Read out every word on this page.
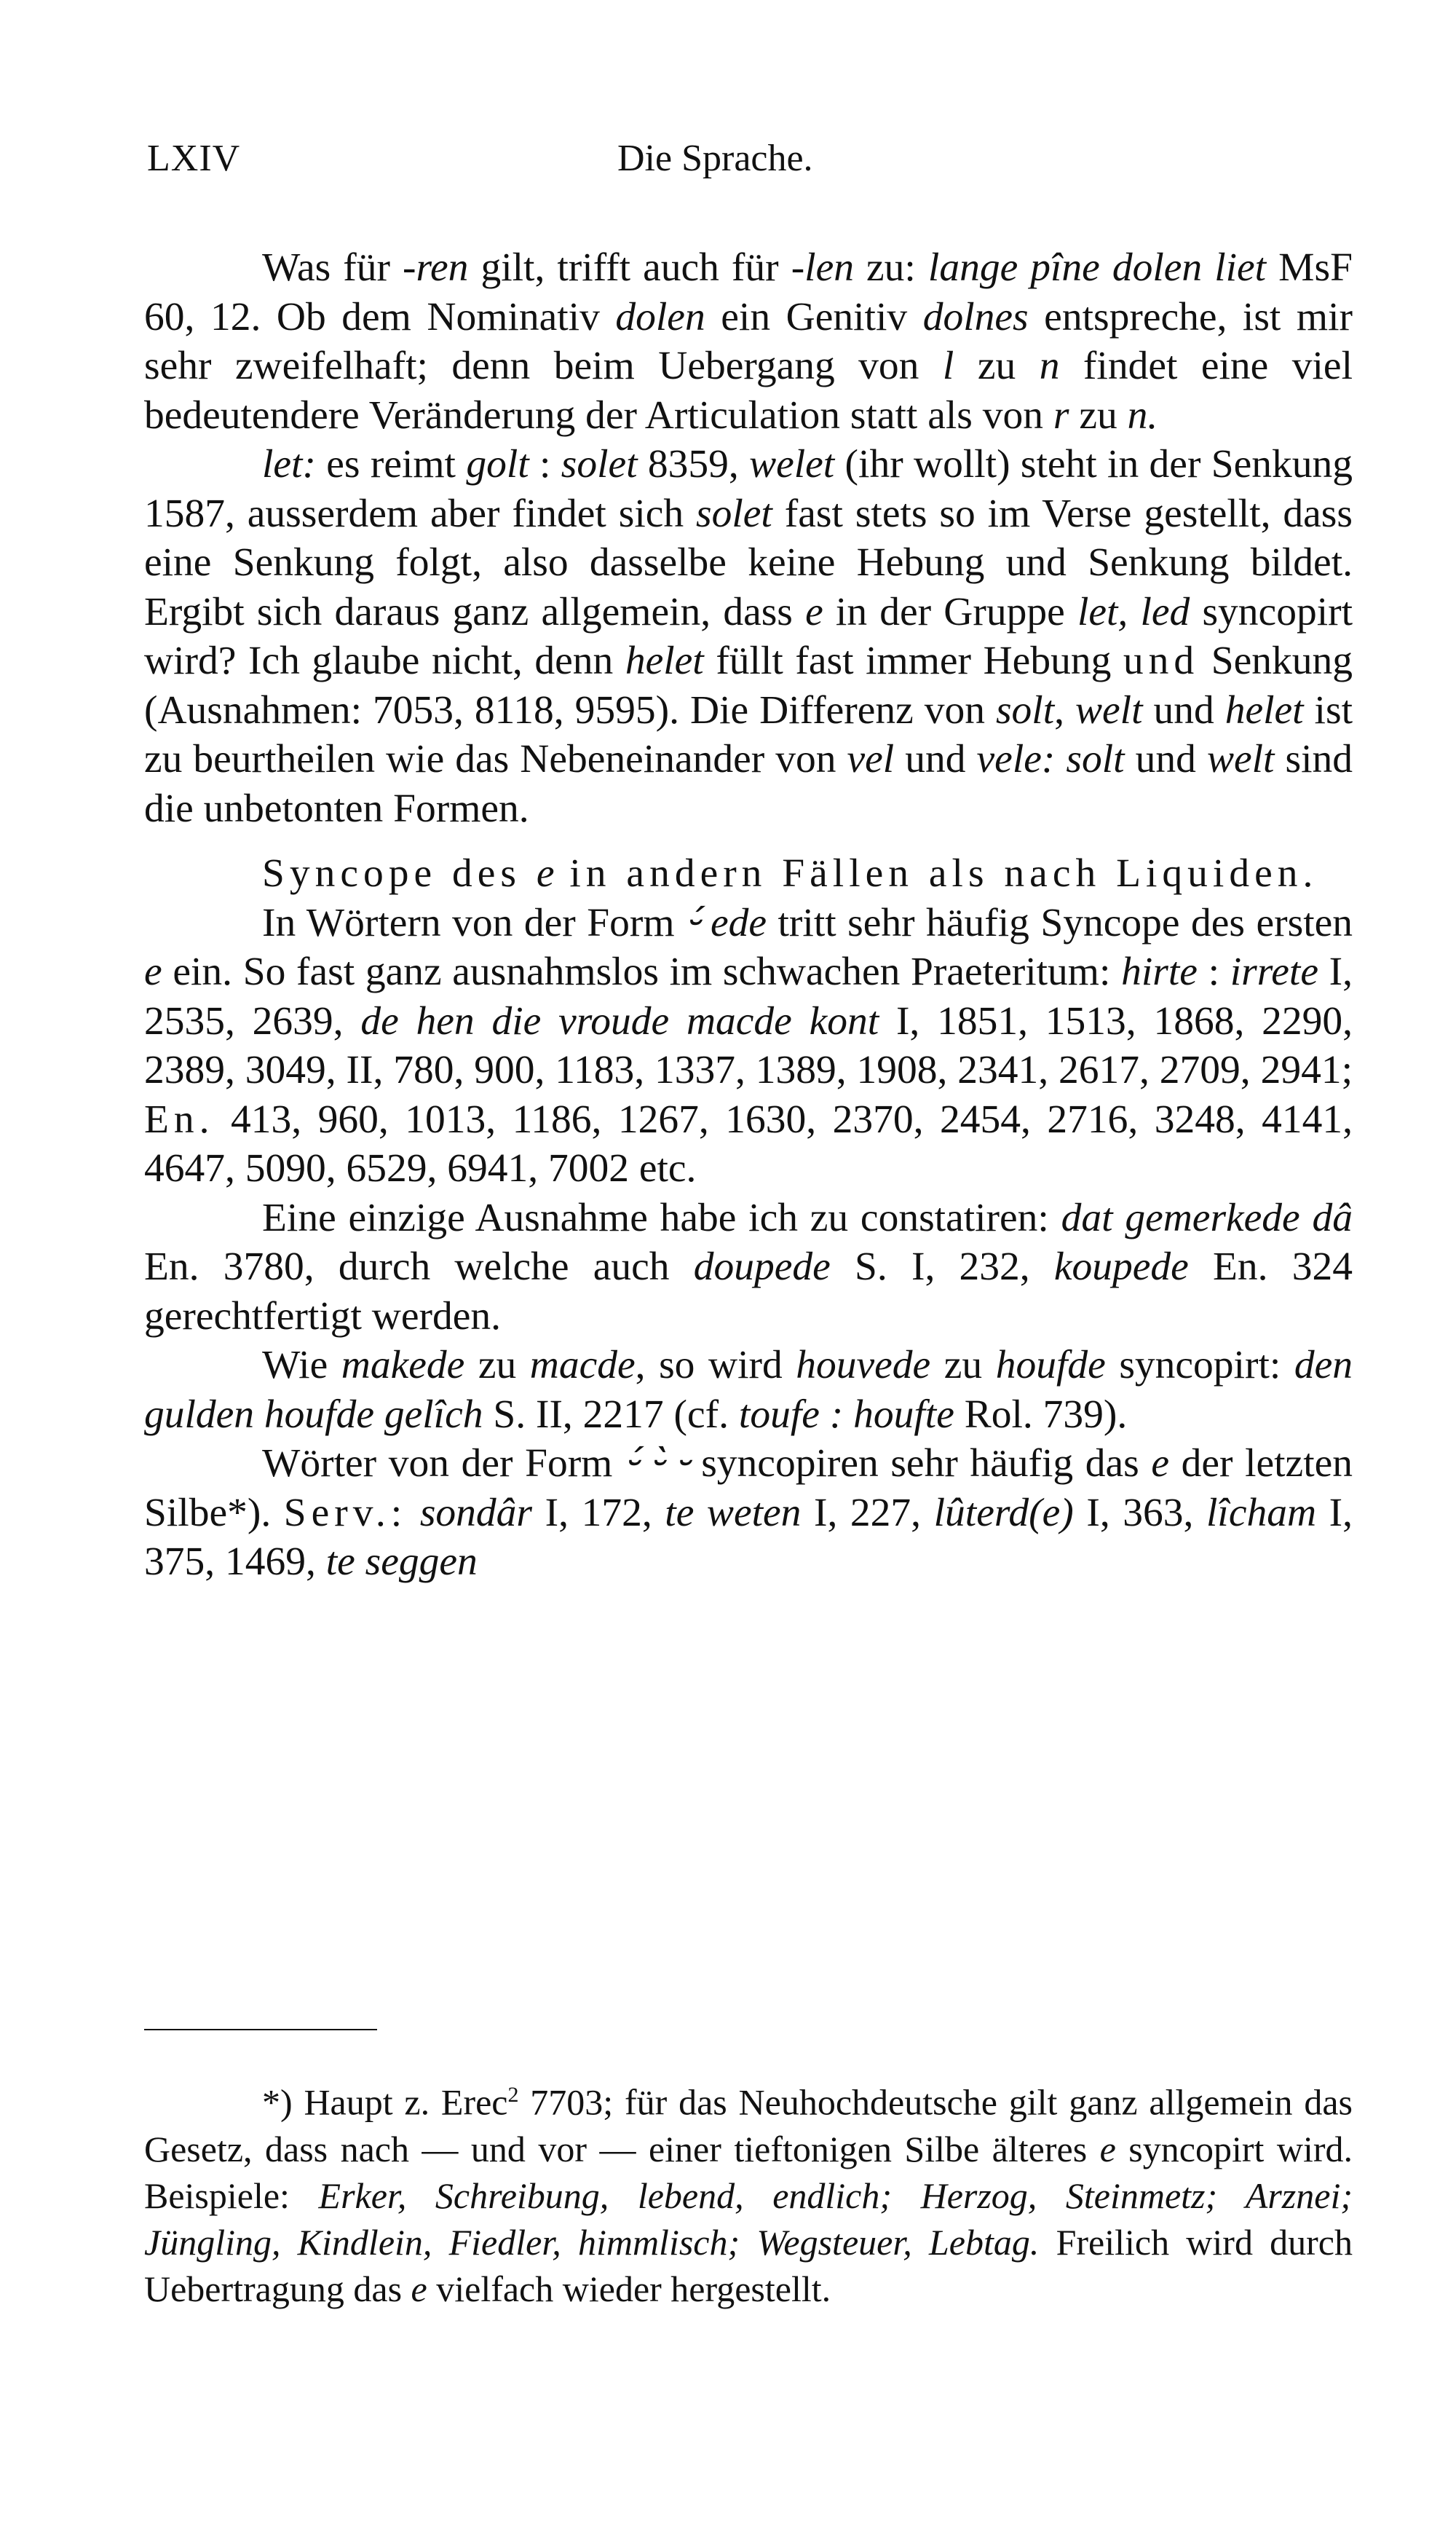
LXIV	Die Sprache.

Was für -ren gilt, trifft auch für -len zu: lange pîne dolen liet MsF 60, 12. Ob dem Nominativ dolen ein Genitiv dolnes entspreche, ist mir sehr zweifelhaft; denn beim Uebergang von l zu n findet eine viel bedeutendere Veränderung der Articulation statt als von r zu n.

let: es reimt golt : solet 8359, welet (ihr wollt) steht in der Senkung 1587, ausserdem aber findet sich solet fast stets so im Verse gestellt, dass eine Senkung folgt, also dasselbe keine Hebung und Senkung bildet. Ergibt sich daraus ganz allgemein, dass e in der Gruppe let, led syncopirt wird? Ich glaube nicht, denn helet füllt fast immer Hebung und Senkung (Ausnahmen: 7053, 8118, 9595). Die Differenz von solt, welt und helet ist zu beurtheilen wie das Nebeneinander von vel und vele: solt und welt sind die unbetonten Formen.

Syncope des e in andern Fällen als nach Liquiden.

In Wörtern von der Form ⏑́ ede tritt sehr häufig Syncope des ersten e ein. So fast ganz ausnahmslos im schwachen Praeteritum: hirte : irrete I, 2535, 2639, de hen die vroude macde kont I, 1851, 1513, 1868, 2290, 2389, 3049, II, 780, 900, 1183, 1337, 1389, 1908, 2341, 2617, 2709, 2941; En. 413, 960, 1013, 1186, 1267, 1630, 2370, 2454, 2716, 3248, 4141, 4647, 5090, 6529, 6941, 7002 etc.

Eine einzige Ausnahme habe ich zu constatiren: dat gemerkede dâ En. 3780, durch welche auch doupede S. I, 232, koupede En. 324 gerechtfertigt werden.

Wie makede zu macde, so wird houvede zu houfde syncopirt: den gulden houfde gelîch S. II, 2217 (cf. toufe : houfte Rol. 739).

Wörter von der Form ⏑́ ⏑̀ ⏑ syncopiren sehr häufig das e der letzten Silbe*). Serv.: sondâr I, 172, te weten I, 227, lûterd(e) I, 363, lîcham I, 375, 1469, te seggen

*) Haupt z. Erec$^2$ 7703; für das Neuhochdeutsche gilt ganz allgemein das Gesetz, dass nach — und vor — einer tieftonigen Silbe älteres e syncopirt wird. Beispiele: Erker, Schreibung, lebend, endlich; Herzog, Steinmetz; Arznei; Jüngling, Kindlein, Fiedler, himmlisch; Wegsteuer, Lebtag. Freilich wird durch Uebertragung das e vielfach wieder hergestellt.
